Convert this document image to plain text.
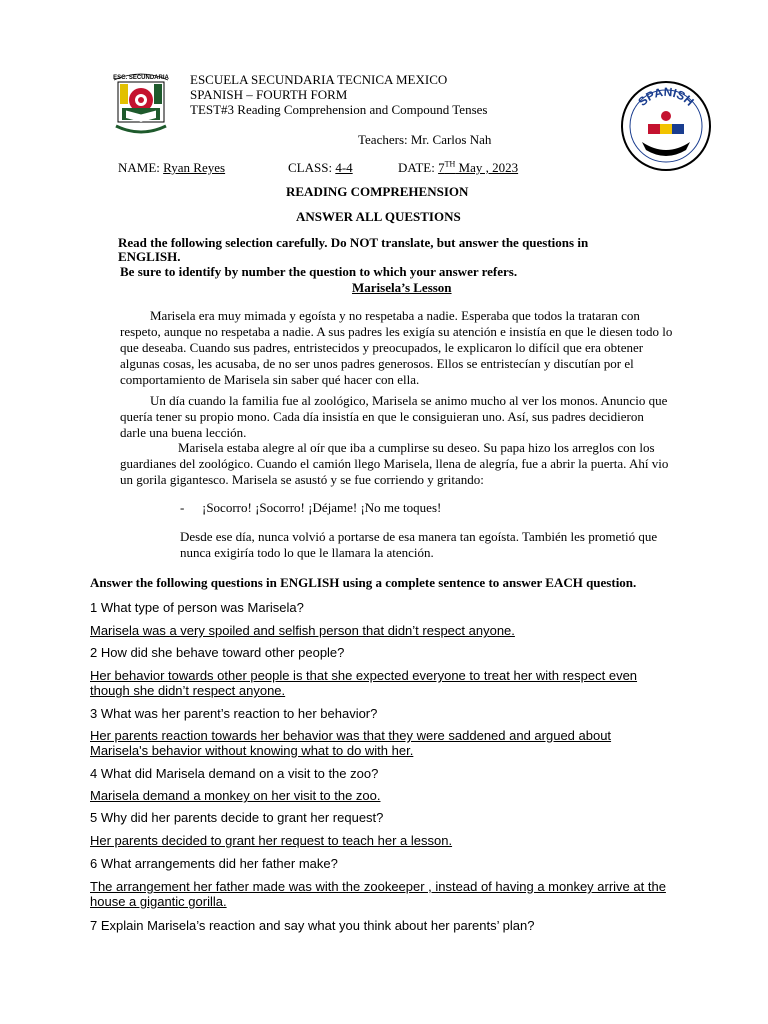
ESC. SECUNDARIA
SPANISH
ESCUELA SECUNDARIA TECNICA MEXICO
SPANISH – FOURTH FORM
TEST#3 Reading Comprehension and Compound Tenses
Teachers: Mr. Carlos Nah
NAME: Ryan Reyes	CLASS: 4-4	DATE: 7TH May , 2023
READING COMPREHENSION
ANSWER ALL QUESTIONS
Read the following selection carefully. Do NOT translate, but answer the questions in
ENGLISH.
Be sure to identify by number the question to which your answer refers.
Marisela’s Lesson
Marisela era muy mimada y egoísta y no respetaba a nadie. Esperaba que todos la trataran con respeto, aunque no respetaba a nadie. A sus padres les exigía su atención e insistía en que le diesen todo lo que deseaba. Cuando sus padres, entristecidos y preocupados, le explicaron lo difícil que era obtener algunas cosas, les acusaba, de no ser unos padres generosos. Ellos se entristecían y discutían por el comportamiento de Marisela sin saber qué hacer con ella.
Un día cuando la familia fue al zoológico, Marisela se animo mucho al ver los monos. Anuncio que quería tener su propio mono. Cada día insistía en que le consiguieran uno. Así, sus padres decidieron darle una buena lección.
Marisela estaba alegre al oír que iba a cumplirse su deseo. Su papa hizo los arreglos con los guardianes del zoológico. Cuando el camión llego Marisela, llena de alegría, fue a abrir la puerta. Ahí vio un gorila gigantesco. Marisela se asustó y se fue corriendo y gritando:
- ¡Socorro! ¡Socorro! ¡Déjame! ¡No me toques!
Desde ese día, nunca volvió a portarse de esa manera tan egoísta. También les prometió que nunca exigiría todo lo que le llamara la atención.
Answer the following questions in ENGLISH using a complete sentence to answer EACH question.
1 What type of person was Marisela?
Marisela was a very spoiled and selfish person that didn’t respect anyone.
2 How did she behave toward other people?
Her behavior towards other people is that she expected everyone to treat her with respect even though she didn’t respect anyone.
3 What was her parent’s reaction to her behavior?
Her parents reaction towards her behavior was that they were saddened and argued about Marisela's behavior without knowing what to do with her.
4 What did Marisela demand on a visit to the zoo?
Marisela demand a monkey on her visit to the zoo.
5 Why did her parents decide to grant her request?
Her parents decided to grant her request to teach her a lesson.
6 What arrangements did her father make?
The arrangement her father made was with the zookeeper , instead of having a monkey arrive at the house a gigantic gorilla.
7 Explain Marisela’s reaction and say what you think about her parents’ plan?
